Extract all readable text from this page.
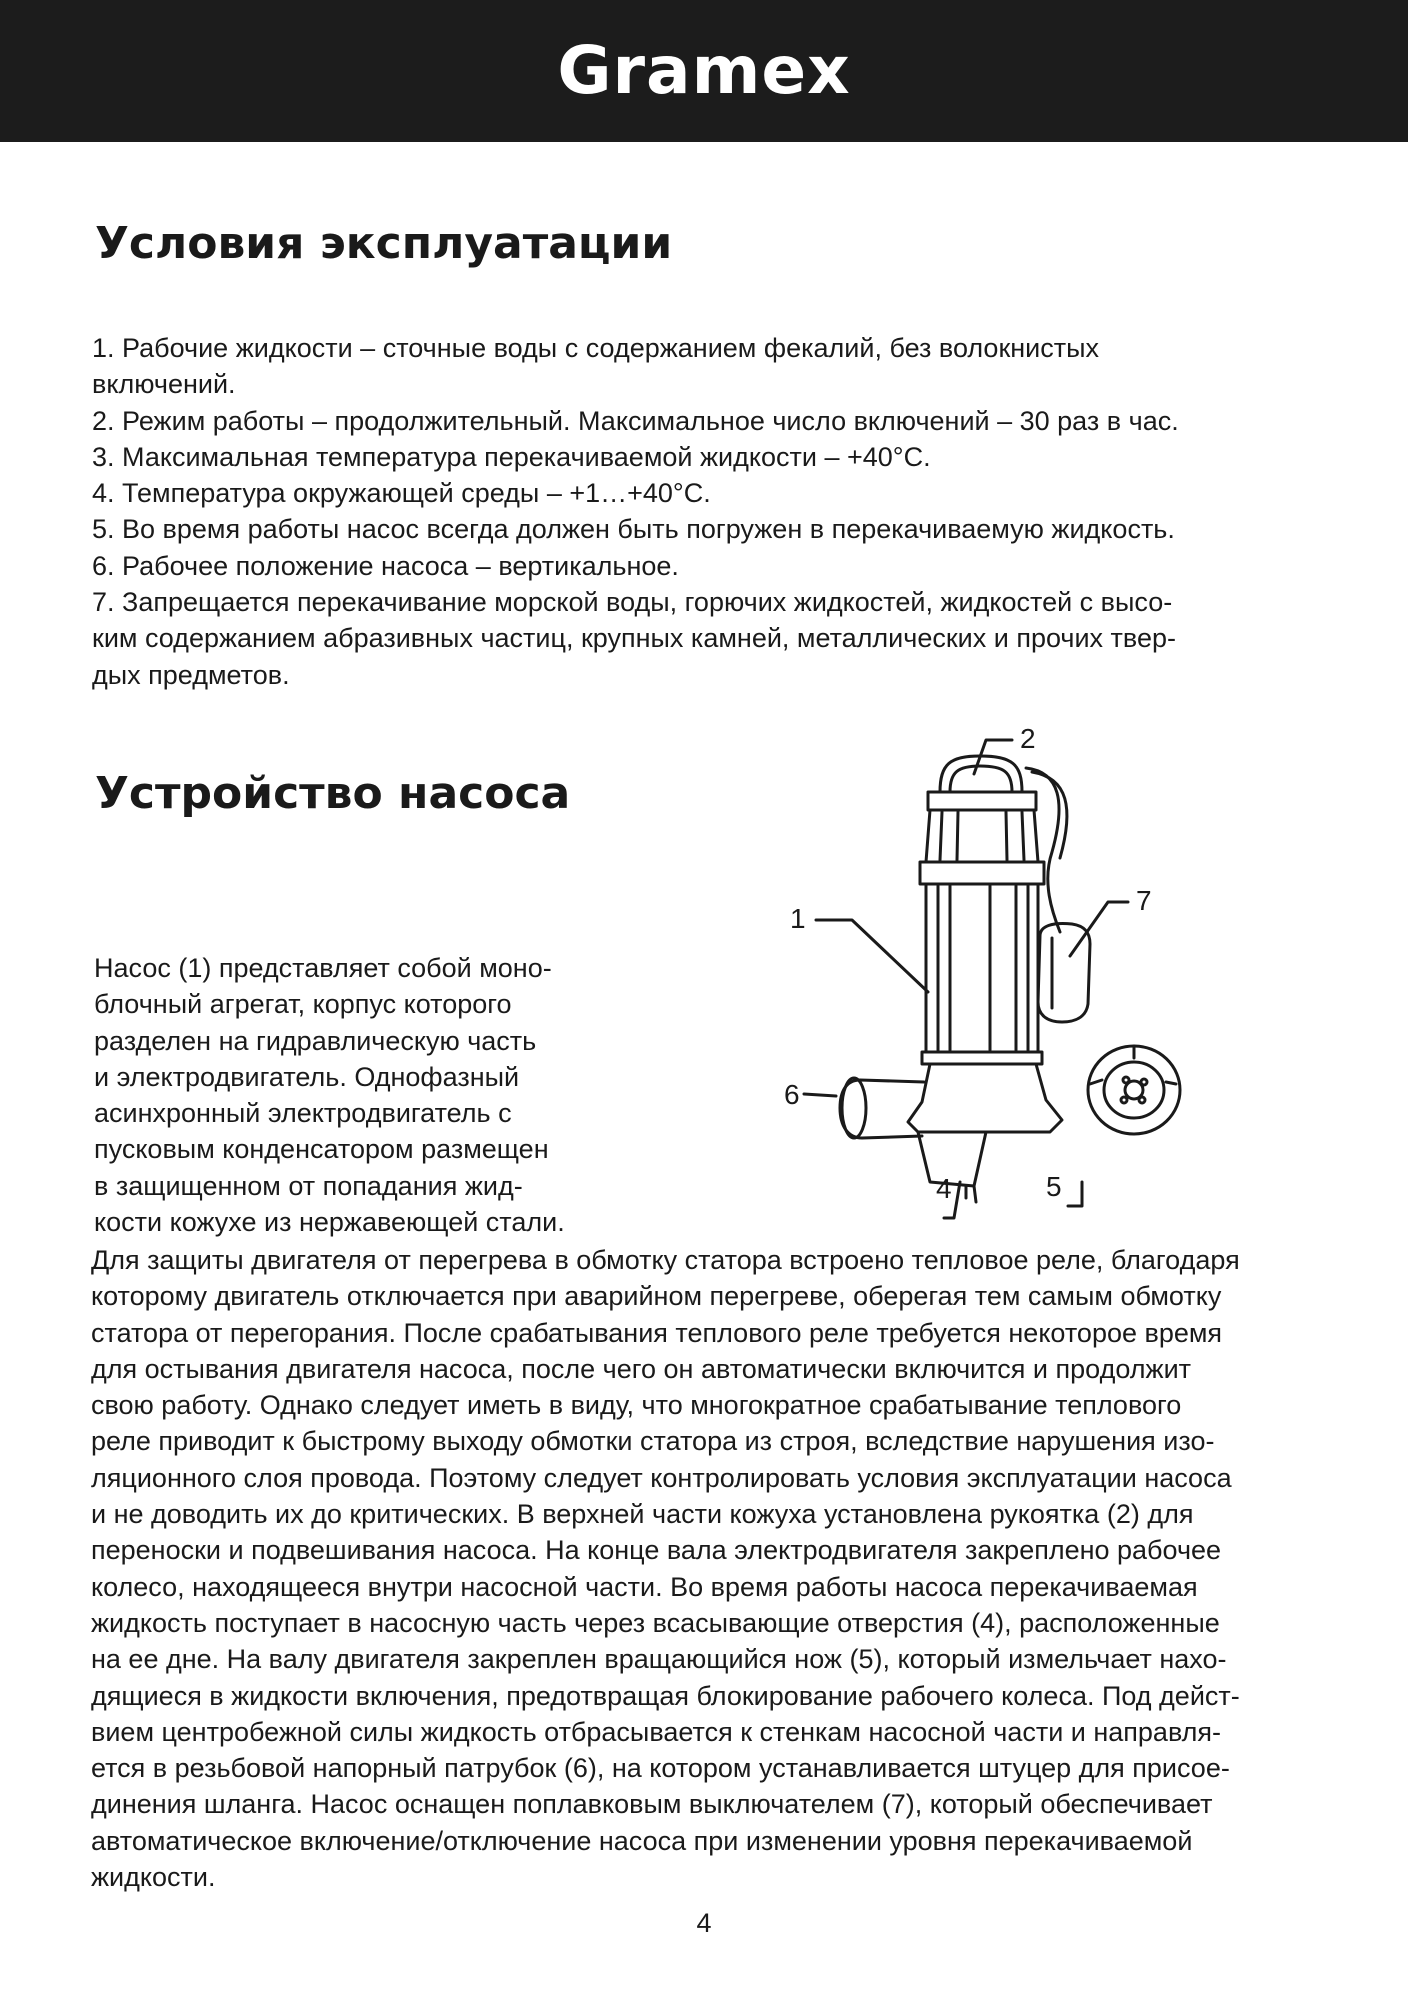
Gramex
Условия эксплуатации
1. Рабочие жидкости – сточные воды с содержанием фекалий, без волокнистых
включений.
2. Режим работы – продолжительный. Максимальное число включений – 30 раз в час.
3. Максимальная температура перекачиваемой жидкости – +40°С.
4. Температура окружающей среды – +1…+40°С.
5. Во время работы насос всегда должен быть погружен в перекачиваемую жидкость.
6. Рабочее положение насоса – вертикальное.
7. Запрещается перекачивание морской воды, горючих жидкостей, жидкостей с высо-
ким содержанием абразивных частиц, крупных камней, металлических и прочих твер-
дых предметов.
Устройство насоса
Насос (1) представляет собой моно-
блочный агрегат, корпус которого
разделен на гидравлическую часть
и электродвигатель. Однофазный
асинхронный электродвигатель с
пусковым конденсатором размещен
в защищенном от попадания жид-
кости кожухе из нержавеющей стали.
2
1
7
6
4	5
Для защиты двигателя от перегрева в обмотку статора встроено тепловое реле, благодаря
которому двигатель отключается при аварийном перегреве, оберегая тем самым обмотку
статора от перегорания. После срабатывания теплового реле требуется некоторое время
для остывания двигателя насоса, после чего он автоматически включится и продолжит
свою работу. Однако следует иметь в виду, что многократное срабатывание теплового
реле приводит к быстрому выходу обмотки статора из строя, вследствие нарушения изо-
ляционного слоя провода. Поэтому следует контролировать условия эксплуатации насоса
и не доводить их до критических. В верхней части кожуха установлена рукоятка (2) для
переноски и подвешивания насоса. На конце вала электродвигателя закреплено рабочее
колесо, находящееся внутри насосной части. Во время работы насоса перекачиваемая
жидкость поступает в насосную часть через всасывающие отверстия (4), расположенные
на ее дне. На валу двигателя закреплен вращающийся нож (5), который измельчает нахо-
дящиеся в жидкости включения, предотвращая блокирование рабочего колеса. Под дейст-
вием центробежной силы жидкость отбрасывается к стенкам насосной части и направля-
ется в резьбовой напорный патрубок (6), на котором устанавливается штуцер для присое-
динения шланга. Насос оснащен поплавковым выключателем (7), который обеспечивает
автоматическое включение/отключение насоса при изменении уровня перекачиваемой
жидкости.
4
